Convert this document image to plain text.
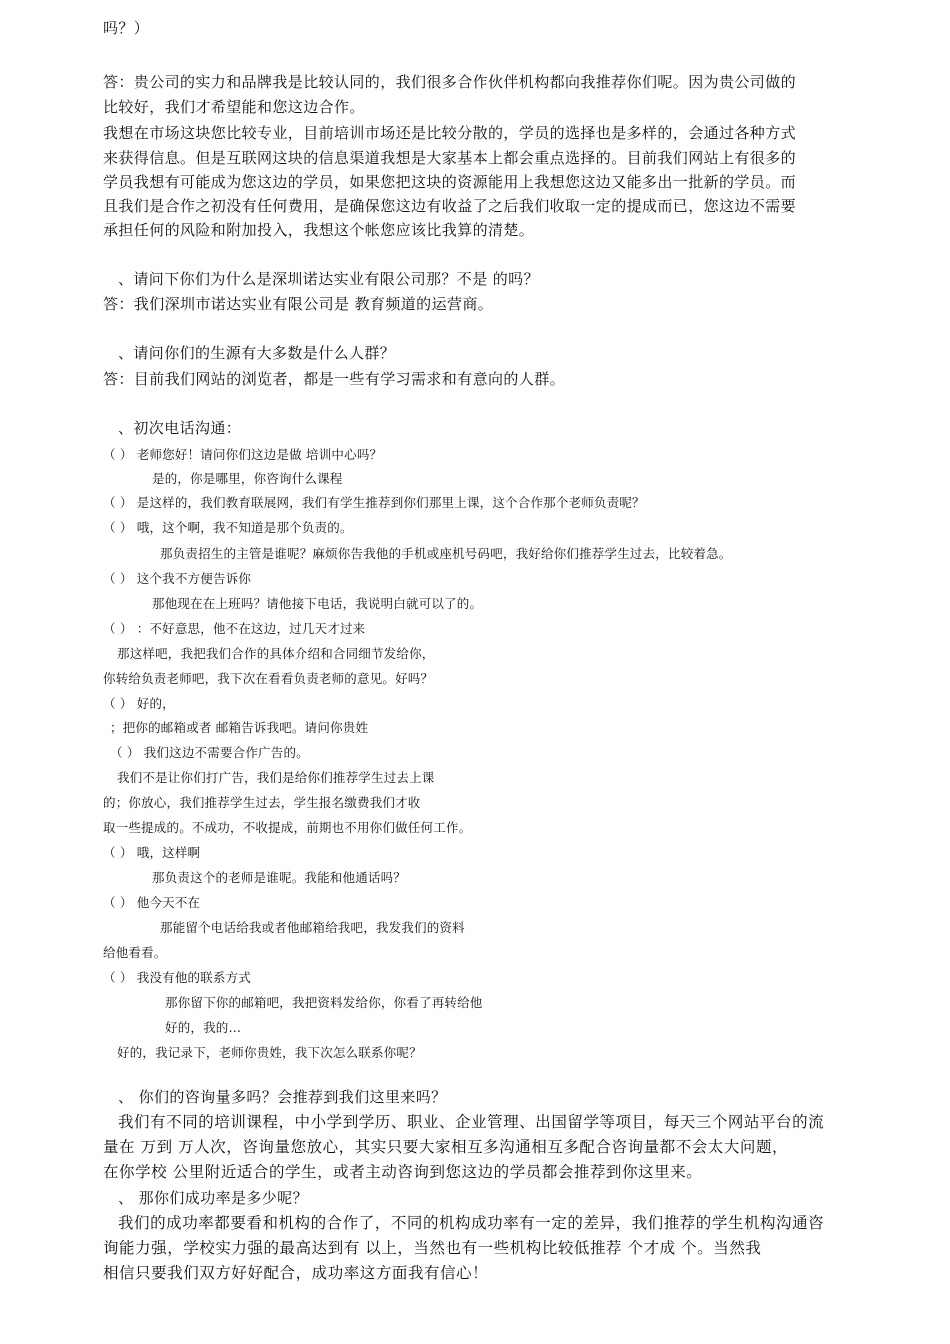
吗？）

答：贵公司的实力和品牌我是比较认同的，我们很多合作伙伴机构都向我推荐你们呢。因为贵公司做的

比较好，我们才希望能和您这边合作。

我想在市场这块您比较专业，目前培训市场还是比较分散的，学员的选择也是多样的，会通过各种方式

来获得信息。但是互联网这块的信息渠道我想是大家基本上都会重点选择的。目前我们网站上有很多的

学员我想有可能成为您这边的学员，如果您把这块的资源能用上我想您这边又能多出一批新的学员。而

且我们是合作之初没有任何费用，是确保您这边有收益了之后我们收取一定的提成而已，您这边不需要

承担任何的风险和附加投入，我想这个帐您应该比我算的清楚。

、请问下你们为什么是深圳诺达实业有限公司那？不是 的吗？

答：我们深圳市诺达实业有限公司是 教育频道的运营商。

、请问你们的生源有大多数是什么人群？

答：目前我们网站的浏览者，都是一些有学习需求和有意向的人群。

、初次电话沟通：

（ ） 老师您好！请问你们这边是做 培训中心吗？

是的，你是哪里，你咨询什么课程

（ ） 是这样的，我们教育联展网，我们有学生推荐到你们那里上课，这个合作那个老师负责呢？

（ ） 哦，这个啊，我不知道是那个负责的。

那负责招生的主管是谁呢？麻烦你告我他的手机或座机号码吧，我好给你们推荐学生过去，比较着急。

（ ） 这个我不方便告诉你

那他现在在上班吗？请他接下电话，我说明白就可以了的。

（ ） ：不好意思，他不在这边，过几天才过来

那这样吧，我把我们合作的具体介绍和合同细节发给你，

你转给负责老师吧，我下次在看看负责老师的意见。好吗？

（ ） 好的，

；把你的邮箱或者 邮箱告诉我吧。请问你贵姓

（ ） 我们这边不需要合作广告的。

我们不是让你们打广告，我们是给你们推荐学生过去上课

的；你放心，我们推荐学生过去，学生报名缴费我们才收

取一些提成的。不成功，不收提成，前期也不用你们做任何工作。

（ ） 哦，这样啊

那负责这个的老师是谁呢。我能和他通话吗？

（ ） 他今天不在

那能留个电话给我或者他邮箱给我吧，我发我们的资料

给他看看。

（ ） 我没有他的联系方式

那你留下你的邮箱吧，我把资料发给你，你看了再转给他

好的，我的…

好的，我记录下，老师你贵姓，我下次怎么联系你呢？

、 你们的咨询量多吗？会推荐到我们这里来吗？

我们有不同的培训课程，中小学到学历、职业、企业管理、出国留学等项目，每天三个网站平台的流

量在 万到 万人次，咨询量您放心，其实只要大家相互多沟通相互多配合咨询量都不会太大问题，

在你学校 公里附近适合的学生，或者主动咨询到您这边的学员都会推荐到你这里来。

、 那你们成功率是多少呢？

我们的成功率都要看和机构的合作了，不同的机构成功率有一定的差异，我们推荐的学生机构沟通咨

询能力强，学校实力强的最高达到有 以上，当然也有一些机构比较低推荐 个才成 个。当然我

相信只要我们双方好好配合，成功率这方面我有信心！
